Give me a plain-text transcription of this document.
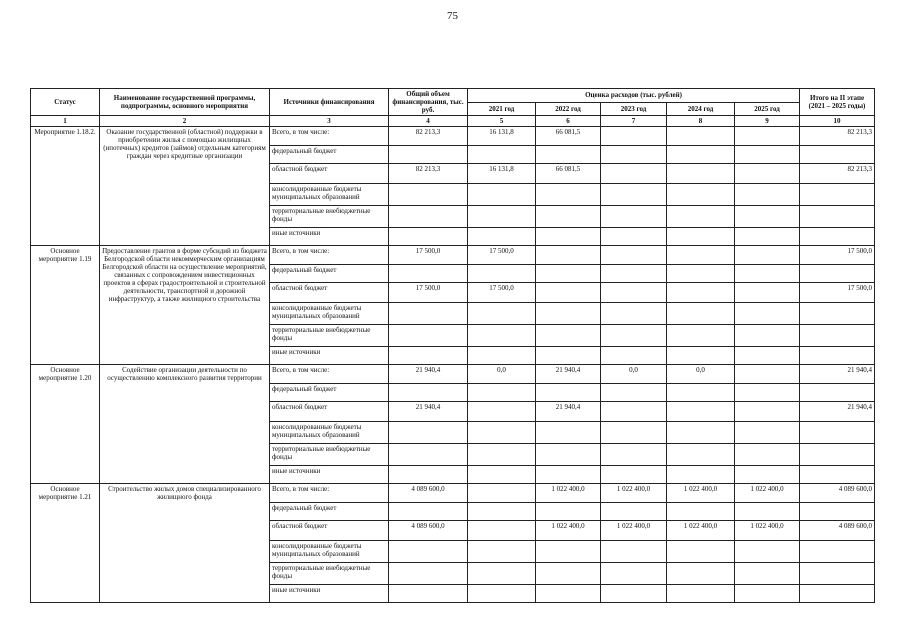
75
Статус	Наименование государственной программы, подпрограммы, основного мероприятия	Источники финансирования	Общий объем финансирования, тыс. руб.	Оценка расходов (тыс. рублей)					Итого на II этапе (2021 – 2025 годы)
				2021 год	2022 год	2023 год	2024 год	2025 год	
1	2	3	4	5	6	7	8	9	10
Мероприятие 1.18.2.	Оказание государственной (областной) поддержки в приобретении жилья с помощью жилищных (ипотечных) кредитов (займов) отдельным категориям граждан через кредитные организации	Всего, в том числе:	82 213,3	16 131,8	66 081,5				82 213,3
		федеральный бюджет							
		областной бюджет	82 213,3	16 131,8	66 081,5				82 213,3
		консолидированные бюджеты муниципальных образований							
		территориальные внебюджетные фонды							
		иные источники							
Основное мероприятие 1.19	Предоставление грантов в форме субсидий из бюджета Белгородской области некоммерческим организациям Белгородской области на осуществление мероприятий, связанных с сопровождением инвестиционных проектов в сферах градостроительной и строительной деятельности, транспортной и дорожной инфраструктур, а также жилищного строительства	Всего, в том числе:	17 500,0	17 500,0					17 500,0
		федеральный бюджет							
		областной бюджет	17 500,0	17 500,0					17 500,0
		консолидированные бюджеты муниципальных образований							
		территориальные внебюджетные фонды							
		иные источники							
Основное мероприятие 1.20	Содействие организации деятельности по осуществлению комплексного развития территории	Всего, в том числе:	21 940,4	0,0	21 940,4	0,0	0,0		21 940,4
		федеральный бюджет							
		областной бюджет	21 940,4		21 940,4				21 940,4
		консолидированные бюджеты муниципальных образований							
		территориальные внебюджетные фонды							
		иные источники							
Основное мероприятие 1.21	Строительство жилых домов специализированного жилищного фонда	Всего, в том числе:	4 089 600,0		1 022 400,0	1 022 400,0	1 022 400,0	1 022 400,0	4 089 600,0
		федеральный бюджет							
		областной бюджет	4 089 600,0		1 022 400,0	1 022 400,0	1 022 400,0	1 022 400,0	4 089 600,0
		консолидированные бюджеты муниципальных образований							
		территориальные внебюджетные фонды							
		иные источники							
